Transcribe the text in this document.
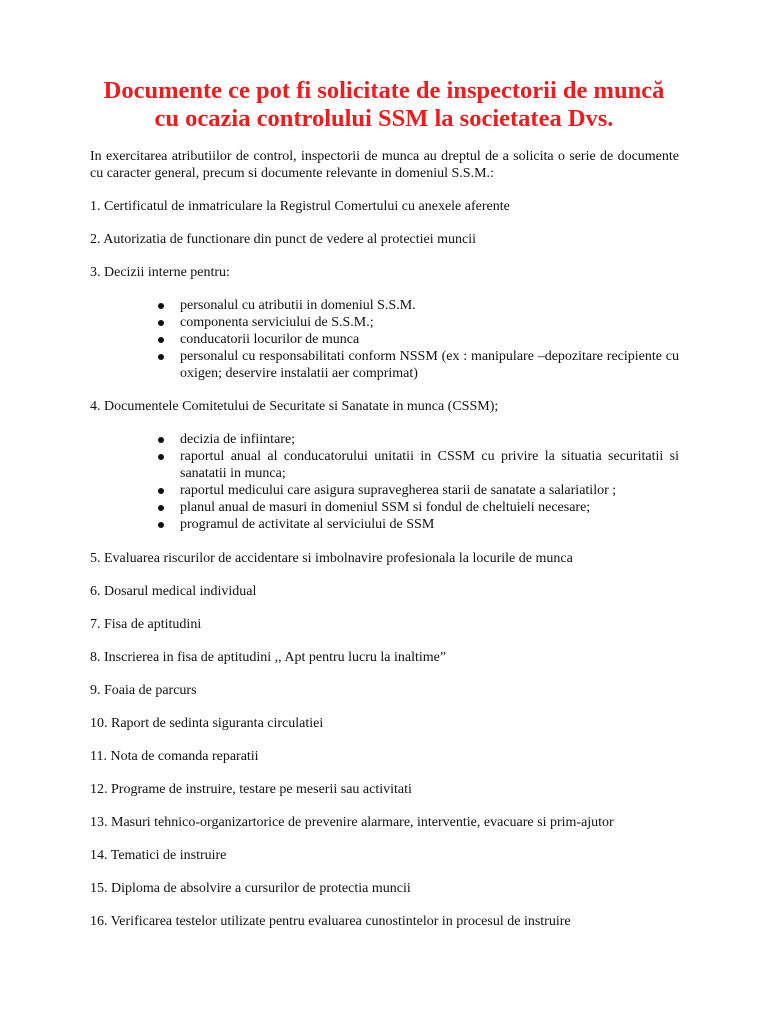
Documente ce pot fi solicitate de inspectorii de muncă
cu ocazia controlului SSM la societatea Dvs.
In exercitarea atributiilor de control, inspectorii de munca au dreptul de a solicita o serie de documente cu caracter general, precum si documente relevante in domeniul S.S.M.:
1. Certificatul de inmatriculare la Registrul Comertului cu anexele aferente
2. Autorizatia de functionare din punct de vedere al protectiei muncii
3. Decizii interne pentru:
personalul cu atributii in domeniul S.S.M.
componenta serviciului de S.S.M.;
conducatorii locurilor de munca
personalul cu responsabilitati conform NSSM (ex : manipulare –depozitare recipiente cu oxigen; deservire instalatii aer comprimat)
4. Documentele Comitetului de Securitate si Sanatate in munca (CSSM);
decizia de infiintare;
raportul anual al conducatorului unitatii in CSSM cu privire la situatia securitatii si sanatatii in munca;
raportul medicului care asigura supravegherea starii de sanatate a salariatilor ;
planul anual de masuri in domeniul SSM si fondul de cheltuieli necesare;
programul de activitate al serviciului de SSM
5. Evaluarea riscurilor de accidentare si imbolnavire profesionala la locurile de munca
6. Dosarul medical individual
7. Fisa de aptitudini
8. Inscrierea in fisa de aptitudini ,, Apt pentru lucru la inaltime”
9. Foaia de parcurs
10. Raport de sedinta siguranta circulatiei
11. Nota de comanda reparatii
12. Programe de instruire, testare pe meserii sau activitati
13. Masuri tehnico-organizartorice de prevenire alarmare, interventie, evacuare si prim-ajutor
14. Tematici de instruire
15. Diploma de absolvire a cursurilor de protectia muncii
16. Verificarea testelor utilizate pentru evaluarea cunostintelor in procesul de instruire
